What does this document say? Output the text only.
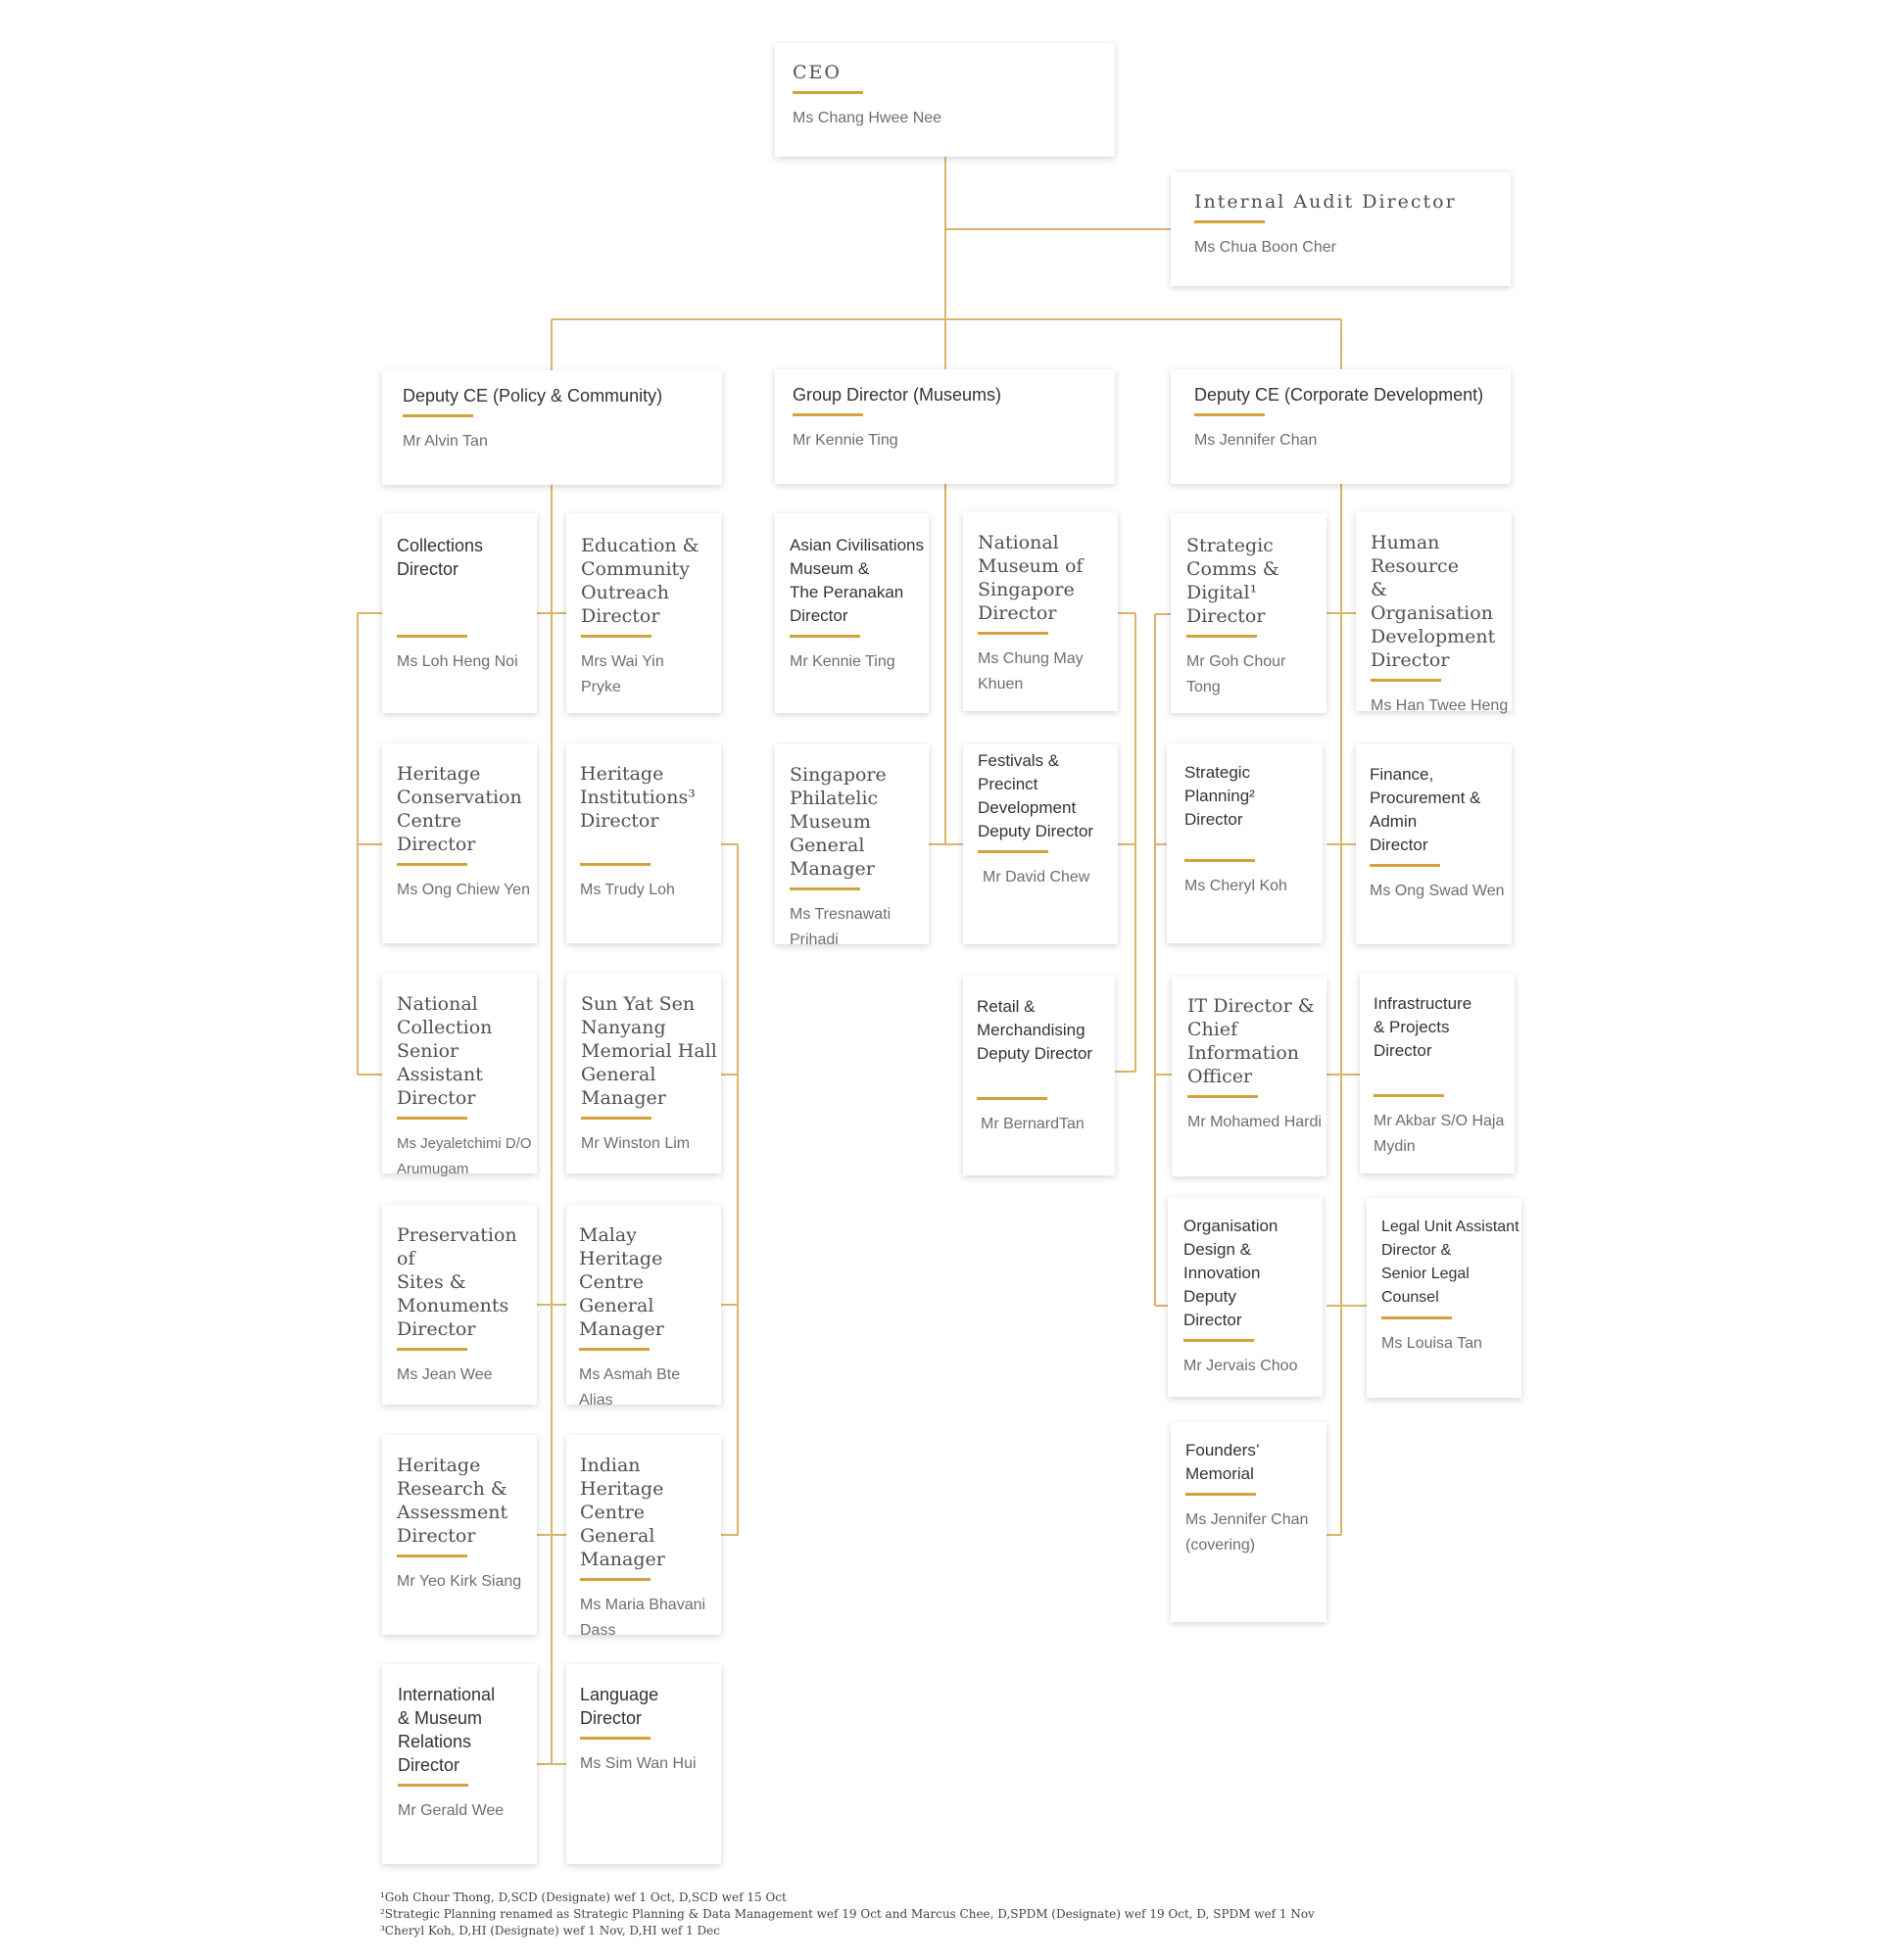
CEO
Ms Chang Hwee Nee
Internal Audit Director
Ms Chua Boon Cher
Deputy CE (Policy & Community)
Mr Alvin Tan
Group Director (Museums)
Mr Kennie Ting
Deputy CE (Corporate Development)
Ms Jennifer Chan
Collections
Director
Ms Loh Heng Noi
Education &
Community
Outreach
Director
Mrs Wai Yin
Pryke
Heritage
Conservation
Centre
Director
Ms Ong Chiew Yen
Heritage
Institutions³
Director
Ms Trudy Loh
National
Collection
Senior Assistant
Director
Ms Jeyaletchimi D/O
Arumugam
Sun Yat Sen
Nanyang
Memorial Hall
General Manager
Mr Winston Lim
Preservation of
Sites &
Monuments
Director
Ms Jean Wee
Malay Heritage
Centre
General
Manager
Ms Asmah Bte
Alias
Heritage
Research &
Assessment
Director
Mr Yeo Kirk Siang
Indian Heritage
Centre
General
Manager
Ms Maria Bhavani
Dass
International
& Museum
Relations
Director
Mr Gerald Wee
Language
Director
Ms Sim Wan Hui
Asian Civilisations
Museum &
The Peranakan
Director
Mr Kennie Ting
National
Museum of
Singapore
Director
Ms Chung May
Khuen
Singapore
Philatelic
Museum
General Manager
Ms Tresnawati
Prihadi
Festivals &
Precinct
Development
Deputy Director
Mr David Chew
Retail &
Merchandising
Deputy Director
Mr BernardTan
Strategic
Comms &
Digital¹
Director
Mr Goh Chour
Tong
Human Resource
& Organisation
Development
Director
Ms Han Twee Heng
Strategic
Planning²
Director
Ms Cheryl Koh
Finance,
Procurement &
Admin
Director
Ms Ong Swad Wen
IT Director &
Chief
Information
Officer
Mr Mohamed Hardi
Infrastructure
& Projects
Director
Mr Akbar S/O Haja
Mydin
Organisation
Design &
Innovation
Deputy
Director
Mr Jervais Choo
Legal Unit Assistant
Director &
Senior Legal
Counsel
Ms Louisa Tan
Founders’
Memorial
Ms Jennifer Chan
(covering)
¹Goh Chour Thong, D,SCD (Designate) wef 1 Oct, D,SCD wef 15 Oct
²Strategic Planning renamed as Strategic Planning & Data Management wef 19 Oct and Marcus Chee, D,SPDM (Designate) wef 19 Oct, D, SPDM wef 1 Nov
³Cheryl Koh, D,HI (Designate) wef 1 Nov, D,HI wef 1 Dec
